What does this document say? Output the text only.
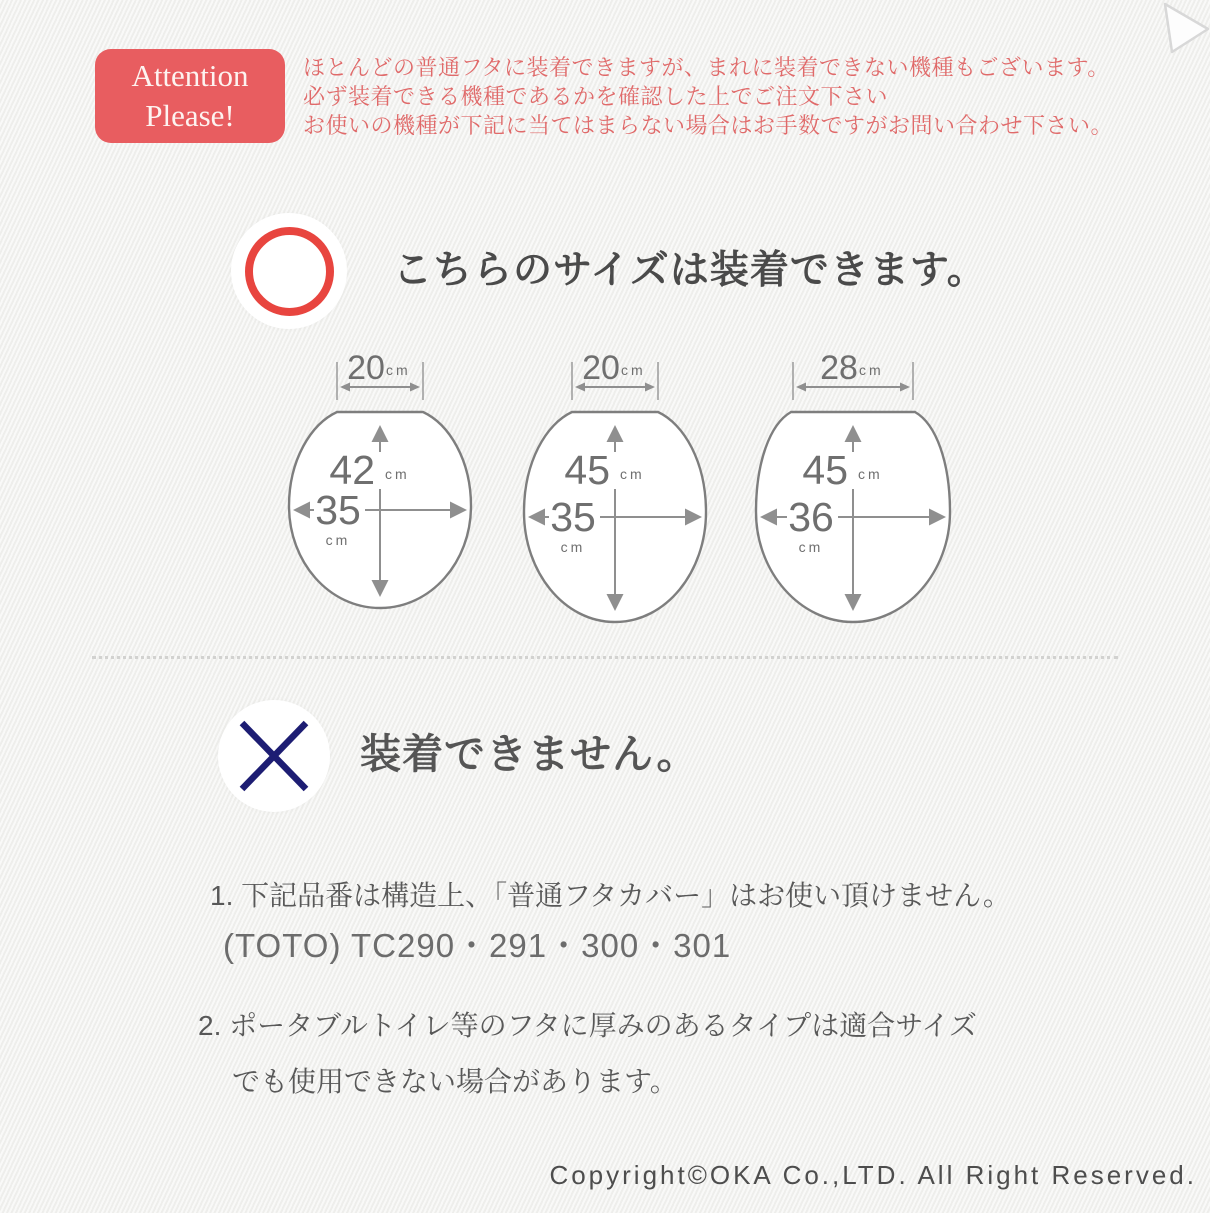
Attention
Please!

ほとんどの普通フタに装着できますが、まれに装着できない機種もございます。

必ず装着できる機種であるかを確認した上でご注文下さい

お使いの機種が下記に当てはまらない場合はお手数ですがお問い合わせ下さい。

こちらのサイズは装着できます。
20 cm
42 cm
35
cm
20 cm
45 cm
35
cm
28 cm
45 cm
36
cm
装着できません。

1. 下記品番は構造上、「普通フタカバー」はお使い頂けません。

(TOTO) TC290・291・300・301

2. ポータブルトイレ等のフタに厚みのあるタイプは適合サイズ

でも使用できない場合があります。

Copyright©OKA Co.,LTD. All Right Reserved.
